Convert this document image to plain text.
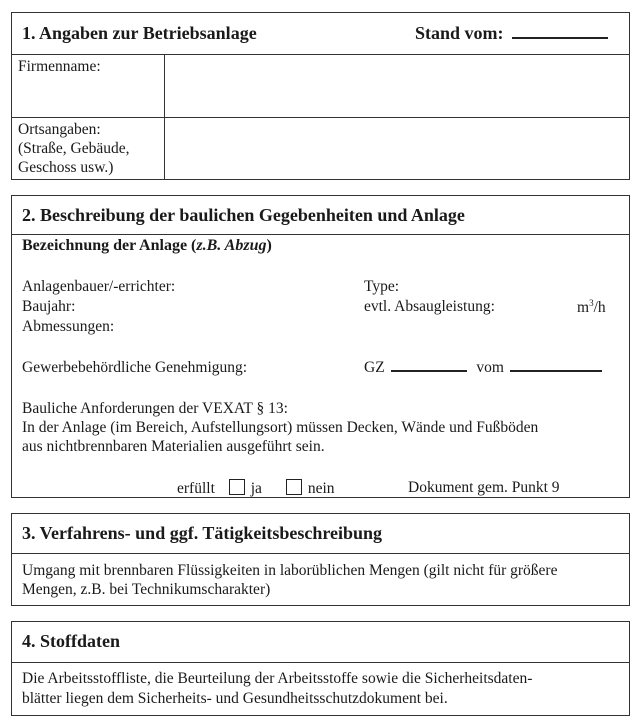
1. Angaben zur Betriebsanlage	Stand vom:
Firmenname:
Ortsangaben:
(Straße, Gebäude,
Geschoss usw.)
2. Beschreibung der baulichen Gegebenheiten und Anlage
Bezeichnung der Anlage (z.B. Abzug)
Anlagenbauer/-errichter:	Type:
Baujahr:	evtl. Absaugleistung:	$m^3/h$
Abmessungen:
Gewerbebehördliche Genehmigung:	GZ	vom
Bauliche Anforderungen der VEXAT § 13:
In der Anlage (im Bereich, Aufstellungsort) müssen Decken, Wände und Fußböden
aus nichtbrennbaren Materialien ausgeführt sein.
erfüllt ja	nein	Dokument gem. Punkt 9
3. Verfahrens- und ggf. Tätigkeitsbeschreibung
Umgang mit brennbaren Flüssigkeiten in laborüblichen Mengen (gilt nicht für größere
Mengen, z.B. bei Technikumscharakter)
4. Stoffdaten
Die Arbeitsstoffliste, die Beurteilung der Arbeitsstoffe sowie die Sicherheitsdaten-
blätter liegen dem Sicherheits- und Gesundheitsschutzdokument bei.
